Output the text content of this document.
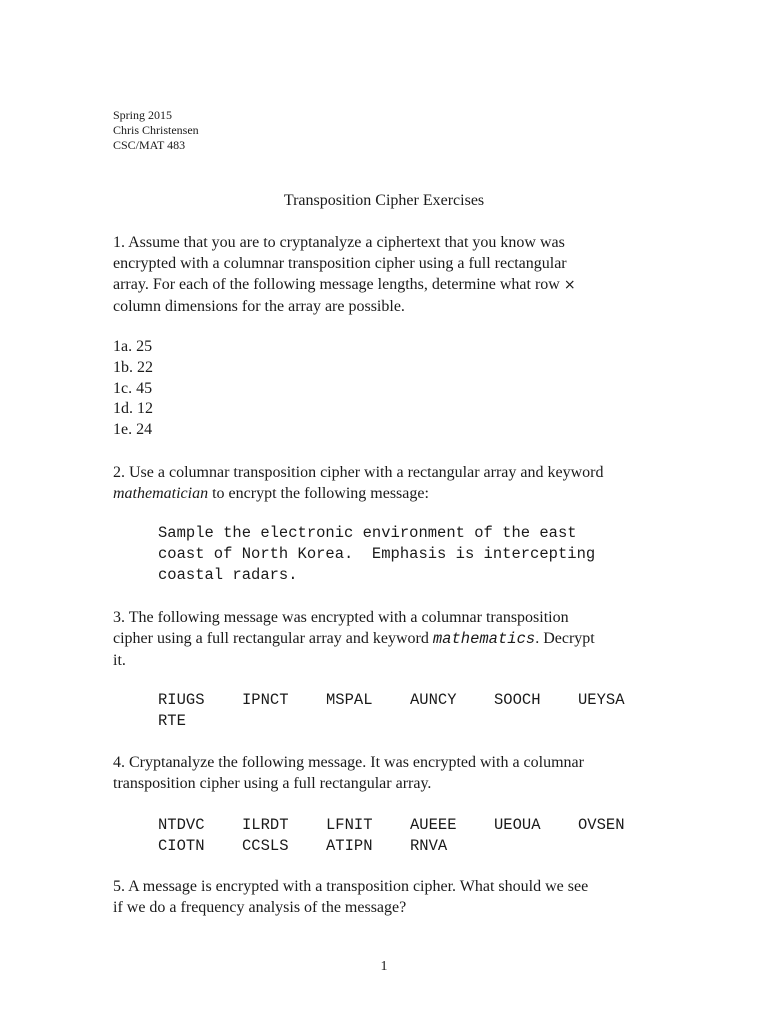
Spring 2015
Chris Christensen
CSC/MAT 483
Transposition Cipher Exercises

1. Assume that you are to cryptanalyze a ciphertext that you know was

encrypted with a columnar transposition cipher using a full rectangular

array. For each of the following message lengths, determine what row ×

column dimensions for the array are possible.

1a. 25
1b. 22
1c. 45
1d. 12
1e. 24

2. Use a columnar transposition cipher with a rectangular array and keyword

mathematician to encrypt the following message:

Sample the electronic environment of the east
coast of North Korea.  Emphasis is intercepting
coastal radars.

3. The following message was encrypted with a columnar transposition

cipher using a full rectangular array and keyword mathematics. Decrypt

it.

RIUGS	IPNCT	MSPAL	AUNCY	SOOCH	UEYSA
RTE

4. Cryptanalyze the following message. It was encrypted with a columnar

transposition cipher using a full rectangular array.

NTDVC	ILRDT	LFNIT	AUEEE	UEOUA	OVSEN
CIOTN	CCSLS	ATIPN	RNVA

5. A message is encrypted with a transposition cipher. What should we see

if we do a frequency analysis of the message?

1
